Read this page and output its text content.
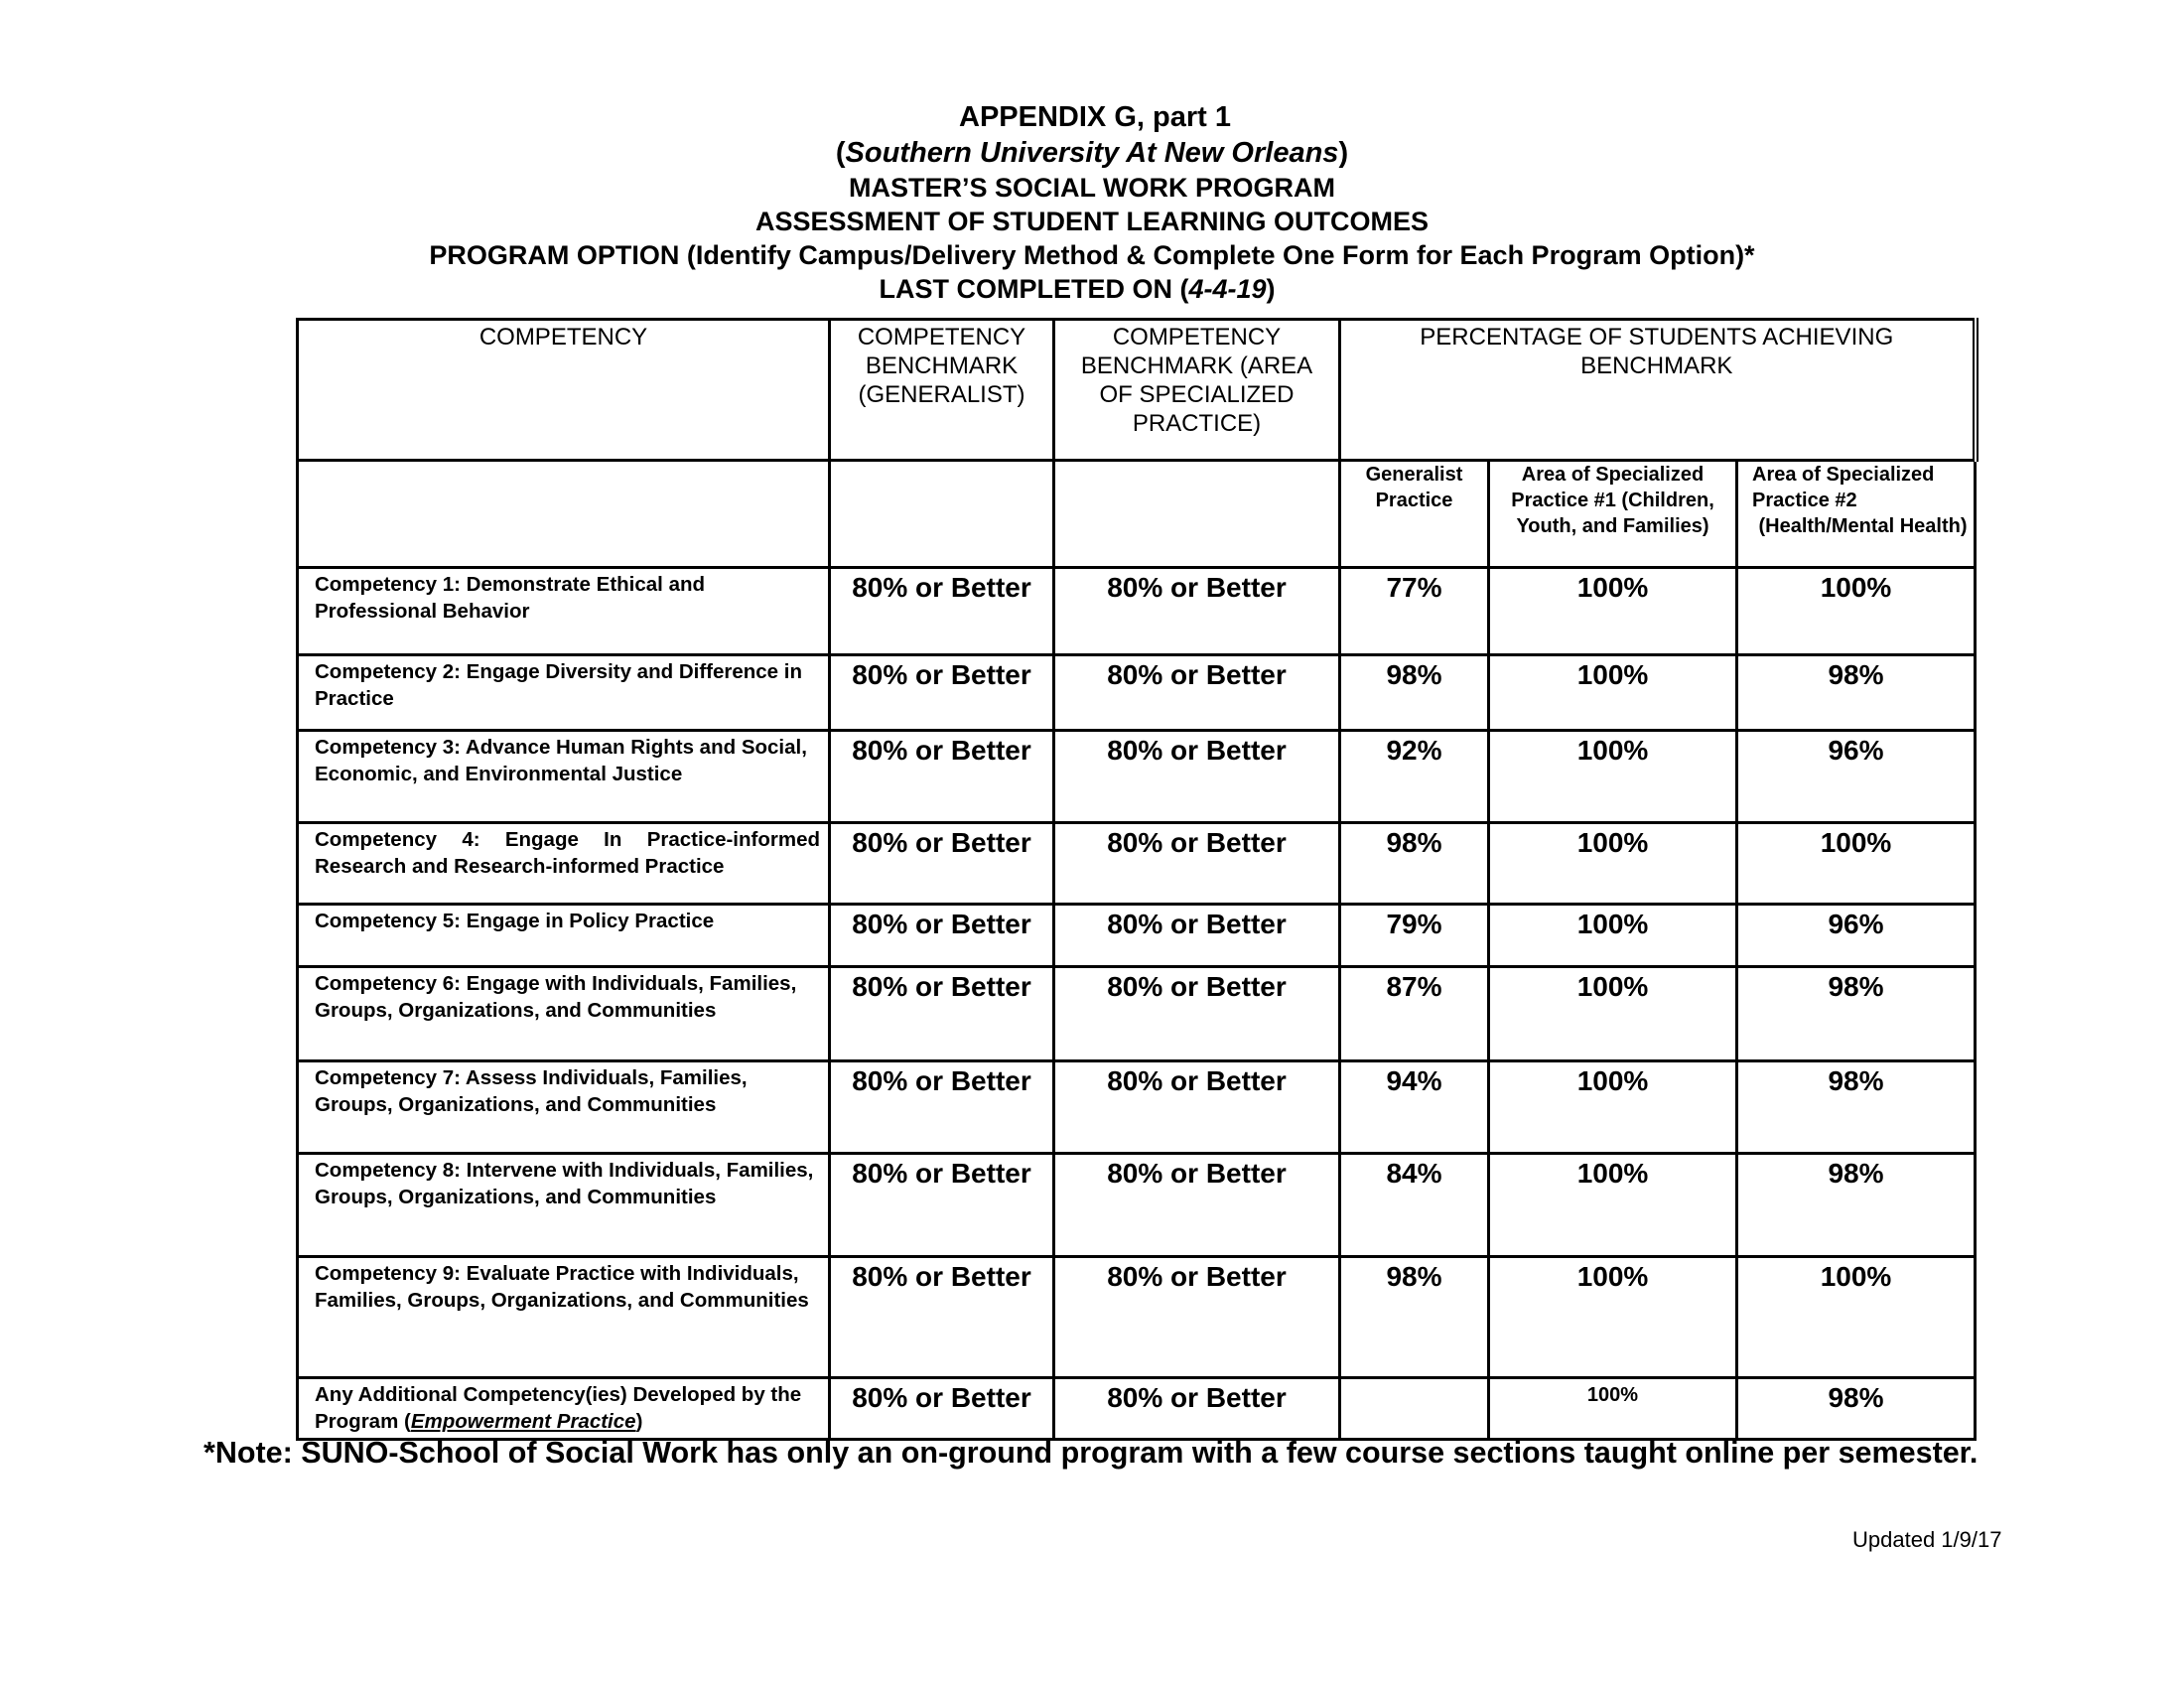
APPENDIX G, part 1
(Southern University At New Orleans)
MASTER’S SOCIAL WORK PROGRAM
ASSESSMENT OF STUDENT LEARNING OUTCOMES
PROGRAM OPTION (Identify Campus/Delivery Method & Complete One Form for Each Program Option)*
LAST COMPLETED ON (4-4-19)
COMPETENCY	COMPETENCY BENCHMARK (GENERALIST)	COMPETENCY BENCHMARK (AREA OF SPECIALIZED PRACTICE)	PERCENTAGE OF STUDENTS ACHIEVING BENCHMARK		
			Generalist Practice	Area of Specialized Practice #1 (Children, Youth, and Families)	Area of Specialized Practice #2
(Health/Mental Health)

Competency 1: Demonstrate Ethical and Professional Behavior	80% or Better	80% or Better	77%	100%	100%
Competency 2: Engage Diversity and Difference in Practice	80% or Better	80% or Better	98%	100%	98%
Competency 3: Advance Human Rights and Social, Economic, and Environmental Justice	80% or Better	80% or Better	92%	100%	96%
Competency 4: Engage In Practice-informed Research and Research-informed Practice	80% or Better	80% or Better	98%	100%	100%
Competency 5: Engage in Policy Practice	80% or Better	80% or Better	79%	100%	96%
Competency 6: Engage with Individuals, Families, Groups, Organizations, and Communities	80% or Better	80% or Better	87%	100%	98%
Competency 7: Assess Individuals, Families, Groups, Organizations, and Communities	80% or Better	80% or Better	94%	100%	98%
Competency 8: Intervene with Individuals, Families, Groups, Organizations, and Communities	80% or Better	80% or Better	84%	100%	98%
Competency 9: Evaluate Practice with Individuals, Families, Groups, Organizations, and Communities	80% or Better	80% or Better	98%	100%	100%
Any Additional Competency(ies) Developed by the Program (Empowerment Practice)	80% or Better	80% or Better		100%	98%
*Note: SUNO-School of Social Work has only an on-ground program with a few course sections taught online per semester.
Updated 1/9/17
